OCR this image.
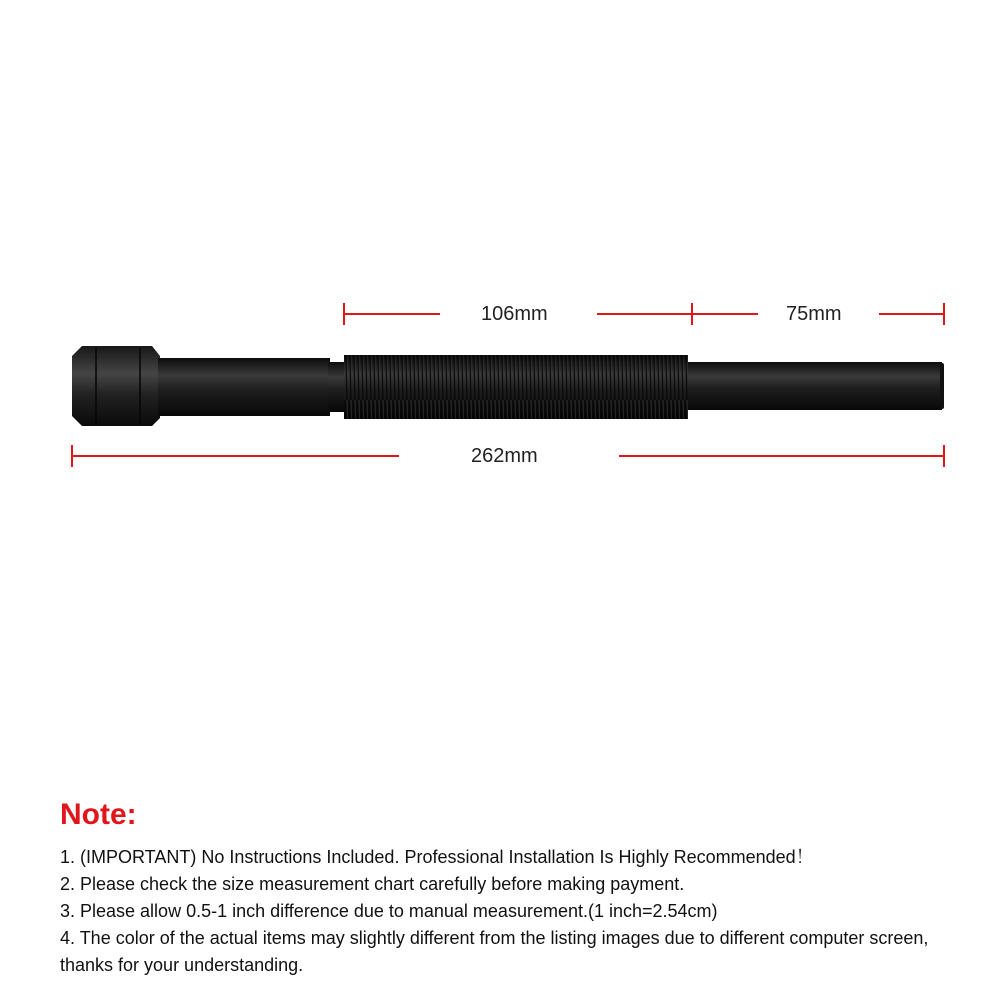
106mm	75mm
262mm
Note:
1. (IMPORTANT) No Instructions Included. Professional Installation Is Highly Recommended！
2. Please check the size measurement chart carefully before making payment.
3. Please allow 0.5-1 inch difference due to manual measurement.(1 inch=2.54cm)
4. The color of the actual items may slightly different from the listing images due to different computer screen, thanks for your understanding.
